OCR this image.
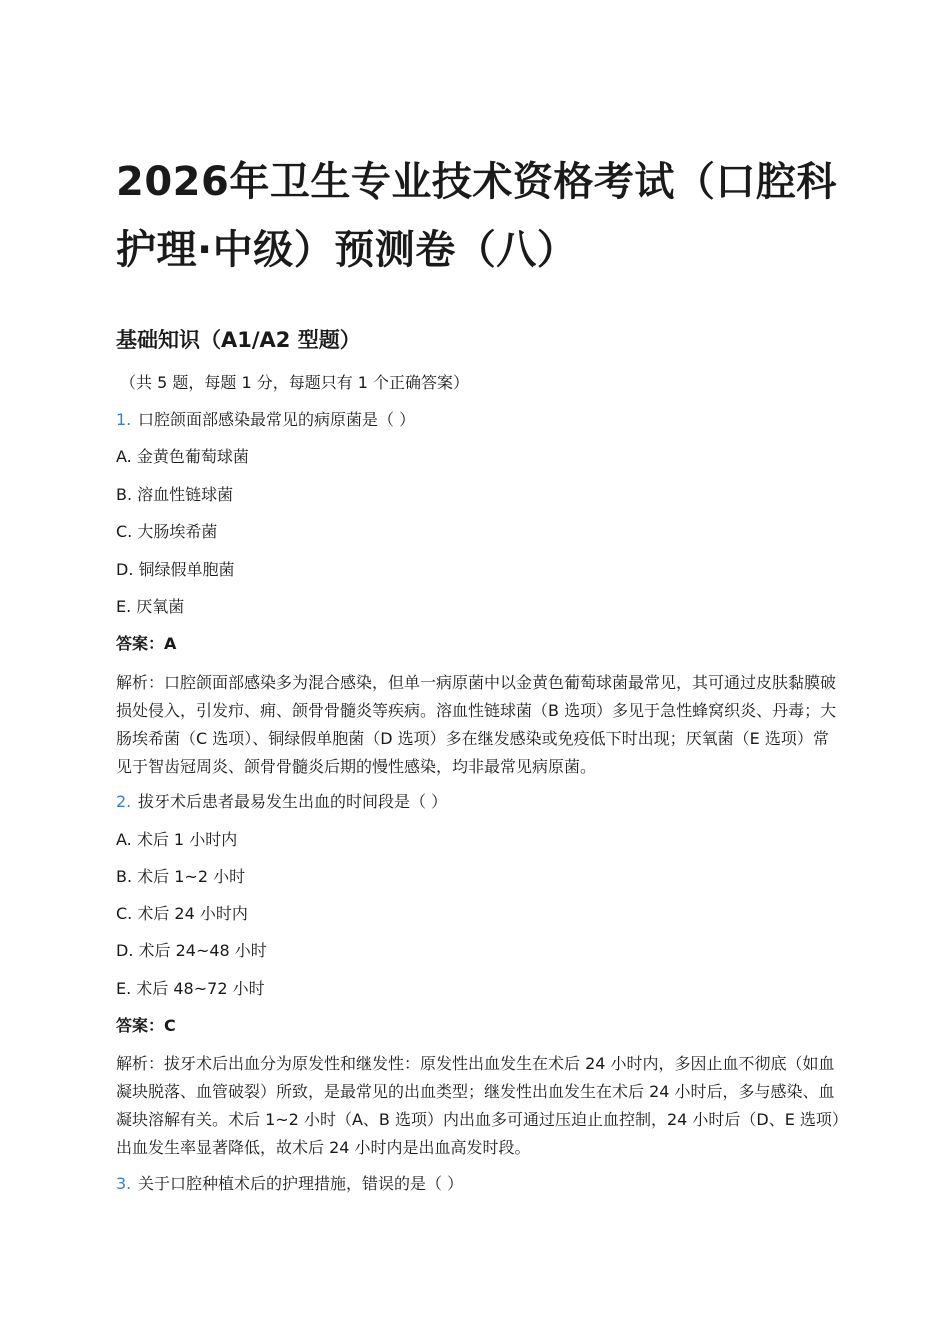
2026年卫生专业技术资格考试（口腔科护理·中级）预测卷（八）
基础知识（A1/A2 型题）
（共 5 题，每题 1 分，每题只有 1 个正确答案）
1. 口腔颌面部感染最常见的病原菌是（ ）
A. 金黄色葡萄球菌
B. 溶血性链球菌
C. 大肠埃希菌
D. 铜绿假单胞菌
E. 厌氧菌
答案：A
解析：口腔颌面部感染多为混合感染，但单一病原菌中以金黄色葡萄球菌最常见，其可通过皮肤黏膜破损处侵入，引发疖、痈、颌骨骨髓炎等疾病。溶血性链球菌（B 选项）多见于急性蜂窝织炎、丹毒；大肠埃希菌（C 选项）、铜绿假单胞菌（D 选项）多在继发感染或免疫低下时出现；厌氧菌（E 选项）常见于智齿冠周炎、颌骨骨髓炎后期的慢性感染，均非最常见病原菌。
2. 拔牙术后患者最易发生出血的时间段是（ ）
A. 术后 1 小时内
B. 术后 1~2 小时
C. 术后 24 小时内
D. 术后 24~48 小时
E. 术后 48~72 小时
答案：C
解析：拔牙术后出血分为原发性和继发性：原发性出血发生在术后 24 小时内，多因止血不彻底（如血凝块脱落、血管破裂）所致，是最常见的出血类型；继发性出血发生在术后 24 小时后，多与感染、血凝块溶解有关。术后 1~2 小时（A、B 选项）内出血多可通过压迫止血控制，24 小时后（D、E 选项）出血发生率显著降低，故术后 24 小时内是出血高发时段。
3. 关于口腔种植术后的护理措施，错误的是（ ）
